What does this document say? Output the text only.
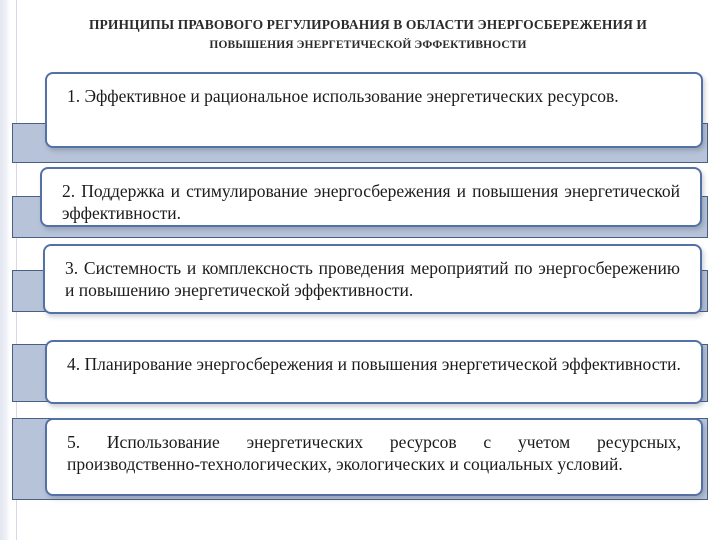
ПРИНЦИПЫ ПРАВОВОГО РЕГУЛИРОВАНИЯ В ОБЛАСТИ ЭНЕРГОСБЕРЕЖЕНИЯ И
ПОВЫШЕНИЯ ЭНЕРГЕТИЧЕСКОЙ ЭФФЕКТИВНОСТИ
1. Эффективное и рациональное использование энергетических ресурсов.
2. Поддержка и стимулирование энергосбережения и повышения энергетической эффективности.
3. Системность и комплексность проведения мероприятий по энергосбережению и повышению энергетической эффективности.
4. Планирование энергосбережения и повышения энергетической эффективности.
5. Использование энергетических ресурсов с учетом ресурсных, производственно-технологических, экологических и социальных условий.
